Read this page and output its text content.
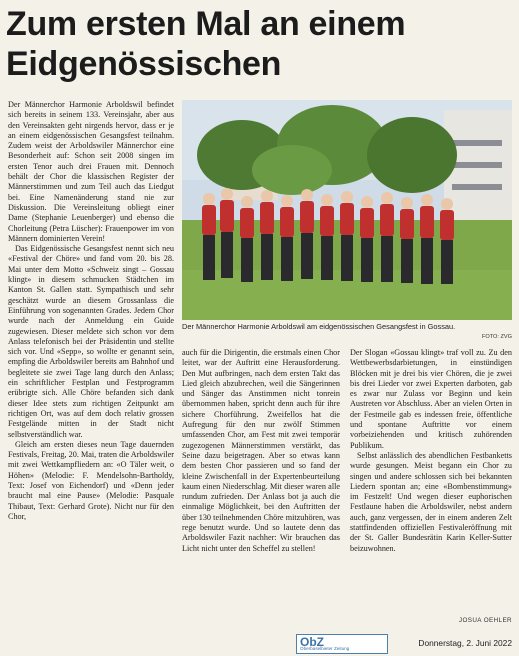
Zum ersten Mal an einem
Eidgenössischen

Der Männerchor Harmonie Arboldswil befindet sich bereits in seinem 133. Vereinsjahr, aber aus den Vereinsakten geht nirgends hervor, dass er je an einem eidgenössischen Gesangsfest teilnahm. Zudem weist der Arboldswiler Männerchor eine Besonderheit auf: Schon seit 2008 singen im ersten Tenor auch drei Frauen mit. Dennoch behält der Chor die klassischen Register der Männerstimmen und zum Teil auch das Liedgut bei. Eine Namenänderung stand nie zur Diskussion. Die Vereinsleitung obliegt einer Dame (Stephanie Leuenberger) und ebenso die Chorleitung (Petra Lüscher): Frauenpower im von Männern dominierten Verein!

Das Eidgenössische Gesangsfest nennt sich neu «Festival der Chöre» und fand vom 20. bis 28. Mai unter dem Motto «Schweiz singt – Gossau klingt» in diesem schmucken Städtchen im Kanton St. Gallen statt. Sympathisch und sehr geschätzt wurde an diesem Grossanlass die Einführung von sogenannten Grades. Jedem Chor wurde nach der Anmeldung ein Guide zugewiesen. Dieser meldete sich schon vor dem Anlass telefonisch bei der Präsidentin und stellte sich vor. Und «Sepp», so wollte er genannt sein, empfing die Arboldswiler bereits am Bahnhof und begleitete sie zwei Tage lang durch den Anlass; ein schriftlicher Festplan und Festprogramm erübrigte sich. Alle Chöre befanden sich dank dieser Idee stets zum richtigen Zeitpunkt am richtigen Ort, was auf dem doch relativ grossen Festgelände mitten in der Stadt nicht selbstverständlich war.

Gleich am ersten dieses neun Tage dauernden Festivals, Freitag, 20. Mai, traten die Arboldswiler mit zwei Wettkampfliedern an: «O Täler weit, o Höhen» (Melodie: F. Mendelsohn-Bartholdy, Text: Josef von Eichendorf) und «Denn jeder braucht mal eine Pause» (Melodie: Pasquale Thibaut, Text: Gerhard Grote). Nicht nur für den Chor,

Der Männerchor Harmonie Arboldswil am eidgenössischen Gesangsfest in Gossau.
FOTO: ZVG

auch für die Dirigentin, die erstmals einen Chor leitet, war der Auftritt eine Herausforderung. Den Mut aufbringen, nach dem ersten Takt das Lied gleich abzubrechen, weil die Sängerinnen und Sänger das Anstimmen nicht tonrein übernommen haben, spricht denn auch für ihre sichere Chorführung. Zweifellos hat die Aufregung für den nur zwölf Stimmen umfassenden Chor, am Fest mit zwei temporär zugezogenen Männerstimmen verstärkt, das Seine dazu beigetragen. Aber so etwas kann dem besten Chor passieren und so fand der kleine Zwischenfall in der Expertenbeurteilung kaum einen Niederschlag. Mit dieser waren alle rundum zufrieden. Der Anlass bot ja auch die einmalige Möglichkeit, bei den Auftritten der über 130 teilnehmenden Chöre mitzuhören, was rege benutzt wurde. Und so lautete denn das Arboldswiler Fazit nachher: Wir brauchen das Licht nicht unter den Scheffel zu stellen!

Der Slogan «Gossau klingt» traf voll zu. Zu den Wettbewerbsdarbietungen, in einstündigen Blöcken mit je drei bis vier Chören, die je zwei bis drei Lieder vor zwei Experten darboten, gab es zwar nur Zulass vor Beginn und kein Austreten vor Abschluss. Aber an vielen Orten in der Festmeile gab es indessen freie, öffentliche und spontane Auftritte vor einem vorbeiziehenden und kritisch zuhörenden Publikum.

Selbst anlässlich des abendlichen Festbanketts wurde gesungen. Meist begann ein Chor zu singen und andere schlossen sich bei bekannten Liedern spontan an; eine «Bombenstimmung» im Festzelt! Und wegen dieser euphorischen Festlaune haben die Arboldswiler, nebst andern auch, ganz vergessen, der in einem anderen Zelt stattfindenden offiziellen Festivaleröffnung mit der St. Galler Bundesrätin Karin Keller-Sutter beizuwohnen.

JOSUA OEHLER
ObZ
Oberbaselbieter Zeitung
Donnerstag, 2. Juni 2022
